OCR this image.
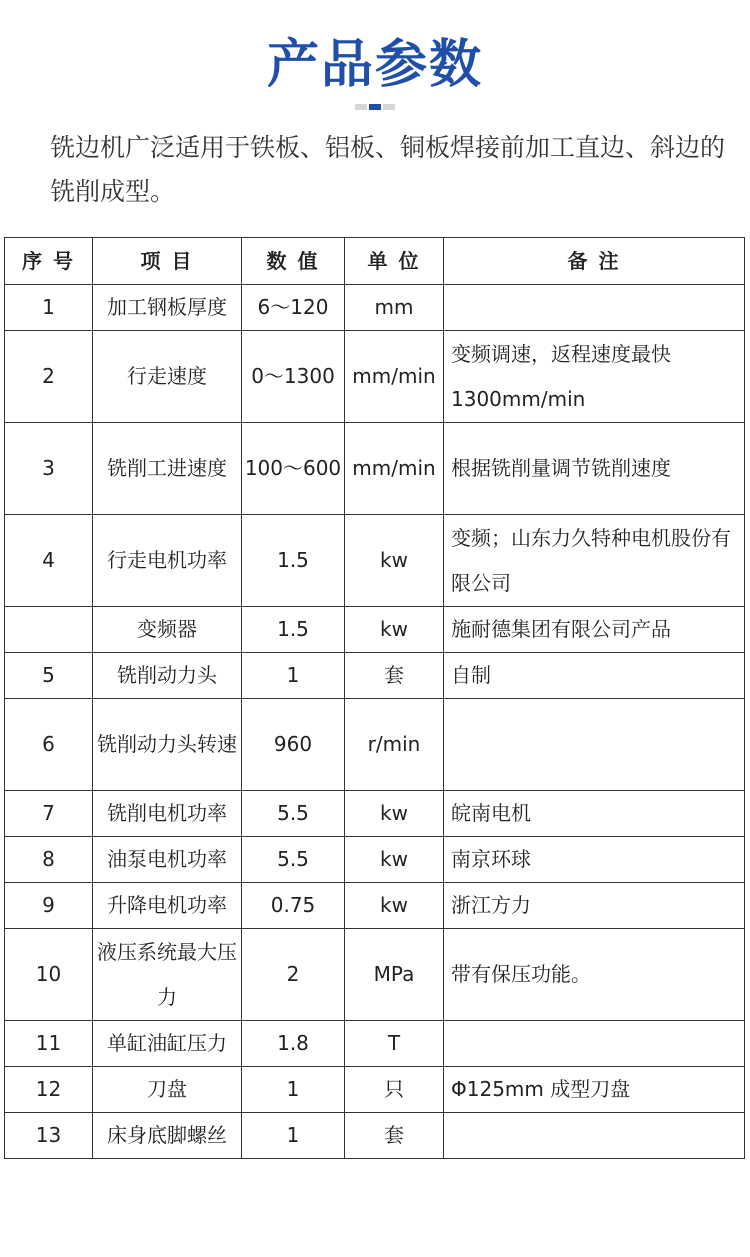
产品参数
铣边机广泛适用于铁板、铝板、铜板焊接前加工直边、斜边的铣削成型。
序 号	项 目	数 值	单 位	备 注
1	加工钢板厚度	6～120	mm	
2	行走速度	0～1300	mm/min	变频调速，返程速度最快1300mm/min
3	铣削工进速度	100～600	mm/min	根据铣削量调节铣削速度
4	行走电机功率	1.5	kw	变频；山东力久特种电机股份有限公司
	变频器	1.5	kw	施耐德集团有限公司产品
5	铣削动力头	1	套	自制
6	铣削动力头转速	960	r/min	
7	铣削电机功率	5.5	kw	皖南电机
8	油泵电机功率	5.5	kw	南京环球
9	升降电机功率	0.75	kw	浙江方力
10	液压系统最大压力	2	MPa	带有保压功能。
11	单缸油缸压力	1.8	T	
12	刀盘	1	只	Φ125mm 成型刀盘
13	床身底脚螺丝	1	套	
